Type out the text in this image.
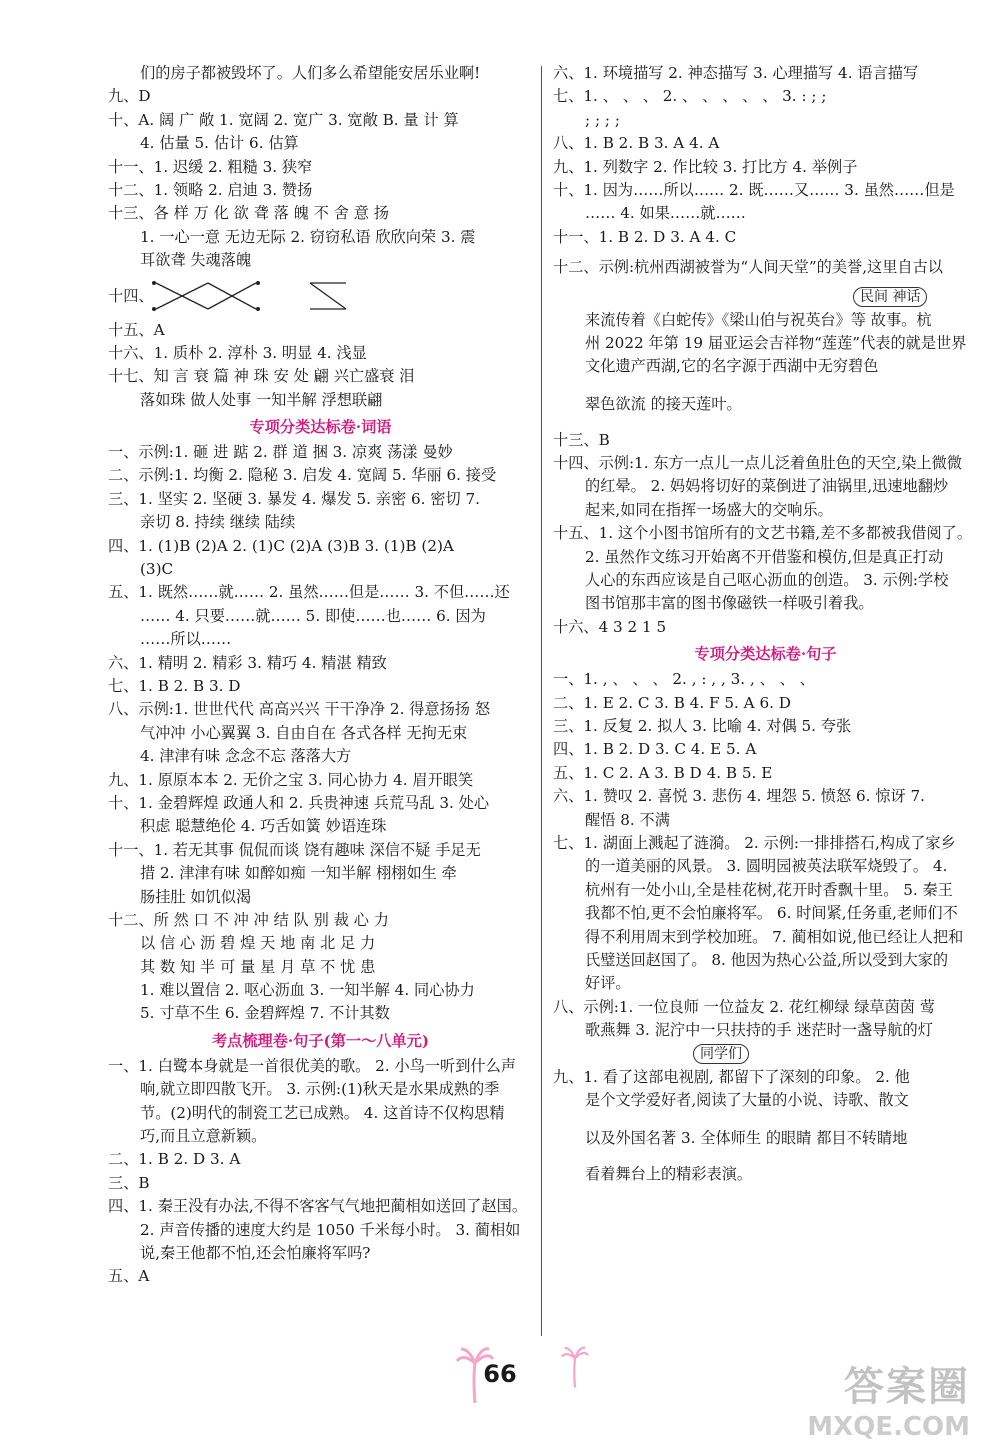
们的房子都被毁坏了。人们多么希望能安居乐业啊!
九、D
十、A. 阔 广 敞 1. 宽阔 2. 宽广 3. 宽敞 B. 量 计 算
4. 估量 5. 估计 6. 估算
十一、1. 迟缓 2. 粗糙 3. 狭窄
十二、1. 领略 2. 启迪 3. 赞扬
十三、各 样 万 化 欲 聋 落 魄 不 舍 意 扬
1. 一心一意 无边无际 2. 窃窃私语 欣欣向荣 3. 震
耳欲聋 失魂落魄
十四、
十五、A
十六、1. 质朴 2. 淳朴 3. 明显 4. 浅显
十七、知 言 衰 篇 神 珠 安 处 翩 兴亡盛衰 泪
落如珠 做人处事 一知半解 浮想联翩
专项分类达标卷·词语
一、示例:1. 砸 进 踮 2. 群 道 捆 3. 凉爽 荡漾 曼妙
二、示例:1. 均衡 2. 隐秘 3. 启发 4. 宽阔 5. 华丽 6. 接受
三、1. 坚实 2. 坚硬 3. 暴发 4. 爆发 5. 亲密 6. 密切 7.
亲切 8. 持续 继续 陆续
四、1. (1)B (2)A 2. (1)C (2)A (3)B 3. (1)B (2)A
(3)C
五、1. 既然……就…… 2. 虽然……但是…… 3. 不但……还
…… 4. 只要……就…… 5. 即使……也…… 6. 因为
……所以……
六、1. 精明 2. 精彩 3. 精巧 4. 精湛 精致
七、1. B 2. B 3. D
八、示例:1. 世世代代 高高兴兴 干干净净 2. 得意扬扬 怒
气冲冲 小心翼翼 3. 自由自在 各式各样 无拘无束
4. 津津有味 念念不忘 落落大方
九、1. 原原本本 2. 无价之宝 3. 同心协力 4. 眉开眼笑
十、1. 金碧辉煌 政通人和 2. 兵贵神速 兵荒马乱 3. 处心
积虑 聪慧绝伦 4. 巧舌如簧 妙语连珠
十一、1. 若无其事 侃侃而谈 饶有趣味 深信不疑 手足无
措 2. 津津有味 如醉如痴 一知半解 栩栩如生 牵
肠挂肚 如饥似渴
十二、所 然 口 不 冲 冲 结 队 别 裁 心 力
以 信 心 沥 碧 煌 天 地 南 北 足 力
其 数 知 半 可 量 星 月 草 不 忧 患
1. 难以置信 2. 呕心沥血 3. 一知半解 4. 同心协力
5. 寸草不生 6. 金碧辉煌 7. 不计其数
考点梳理卷·句子(第一～八单元)
一、1. 白鹭本身就是一首很优美的歌。 2. 小鸟一听到什么声
响,就立即四散飞开。 3. 示例:(1)秋天是水果成熟的季
节。(2)明代的制瓷工艺已成熟。 4. 这首诗不仅构思精
巧,而且立意新颖。
二、1. B 2. D 3. A
三、B
四、1. 秦王没有办法,不得不客客气气地把蔺相如送回了赵国。
2. 声音传播的速度大约是 1050 千米每小时。 3. 蔺相如
说,秦王他都不怕,还会怕廉将军吗?
五、A
六、1. 环境描写 2. 神态描写 3. 心理描写 4. 语言描写
七、1. 、 、 、 2. 、 、 、 、 、 3. : ; ;
; ; ; ;
八、1. B 2. B 3. A 4. A
九、1. 列数字 2. 作比较 3. 打比方 4. 举例子
十、1. 因为……所以…… 2. 既……又…… 3. 虽然……但是
…… 4. 如果……就……
十一、1. B 2. D 3. A 4. C
十二、示例:杭州西湖被誉为“人间天堂”的美誉,这里自古以
民间 神话
来流传着《白蛇传》《梁山伯与祝英台》等 故事。杭
州 2022 年第 19 届亚运会吉祥物“莲莲”代表的就是世界
文化遗产西湖,它的名字源于西湖中无穷碧色
翠色欲流 的接天莲叶。
十三、B
十四、示例:1. 东方一点儿一点儿泛着鱼肚色的天空,染上微微
的红晕。 2. 妈妈将切好的菜倒进了油锅里,迅速地翻炒
起来,如同在指挥一场盛大的交响乐。
十五、1. 这个小图书馆所有的文艺书籍,差不多都被我借阅了。
2. 虽然作文练习开始离不开借鉴和模仿,但是真正打动
人心的东西应该是自己呕心沥血的创造。 3. 示例:学校
图书馆那丰富的图书像磁铁一样吸引着我。
十六、4 3 2 1 5
专项分类达标卷·句子
一、1. , 、 、 、 2. , : , , 3. , 、 、 、
二、1. E 2. C 3. B 4. F 5. A 6. D
三、1. 反复 2. 拟人 3. 比喻 4. 对偶 5. 夸张
四、1. B 2. D 3. C 4. E 5. A
五、1. C 2. A 3. B D 4. B 5. E
六、1. 赞叹 2. 喜悦 3. 悲伤 4. 埋怨 5. 愤怒 6. 惊讶 7.
醒悟 8. 不满
七、1. 湖面上溅起了涟漪。 2. 示例:一排排搭石,构成了家乡
的一道美丽的风景。 3. 圆明园被英法联军烧毁了。 4.
杭州有一处小山,全是桂花树,花开时香飘十里。 5. 秦王
我都不怕,更不会怕廉将军。 6. 时间紧,任务重,老师们不
得不利用周末到学校加班。 7. 蔺相如说,他已经让人把和
氏璧送回赵国了。 8. 他因为热心公益,所以受到大家的
好评。
八、示例:1. 一位良师 一位益友 2. 花红柳绿 绿草茵茵 莺
歌燕舞 3. 泥泞中一只扶持的手 迷茫时一盏导航的灯
同学们
九、1. 看了这部电视剧, 都留下了深刻的印象。 2. 他
是个文学爱好者,阅读了大量的小说、诗歌、散文
以及外国名著 3. 全体师生 的眼睛 都目不转睛地
看着舞台上的精彩表演。
66	答案圈
MXQE.COM
